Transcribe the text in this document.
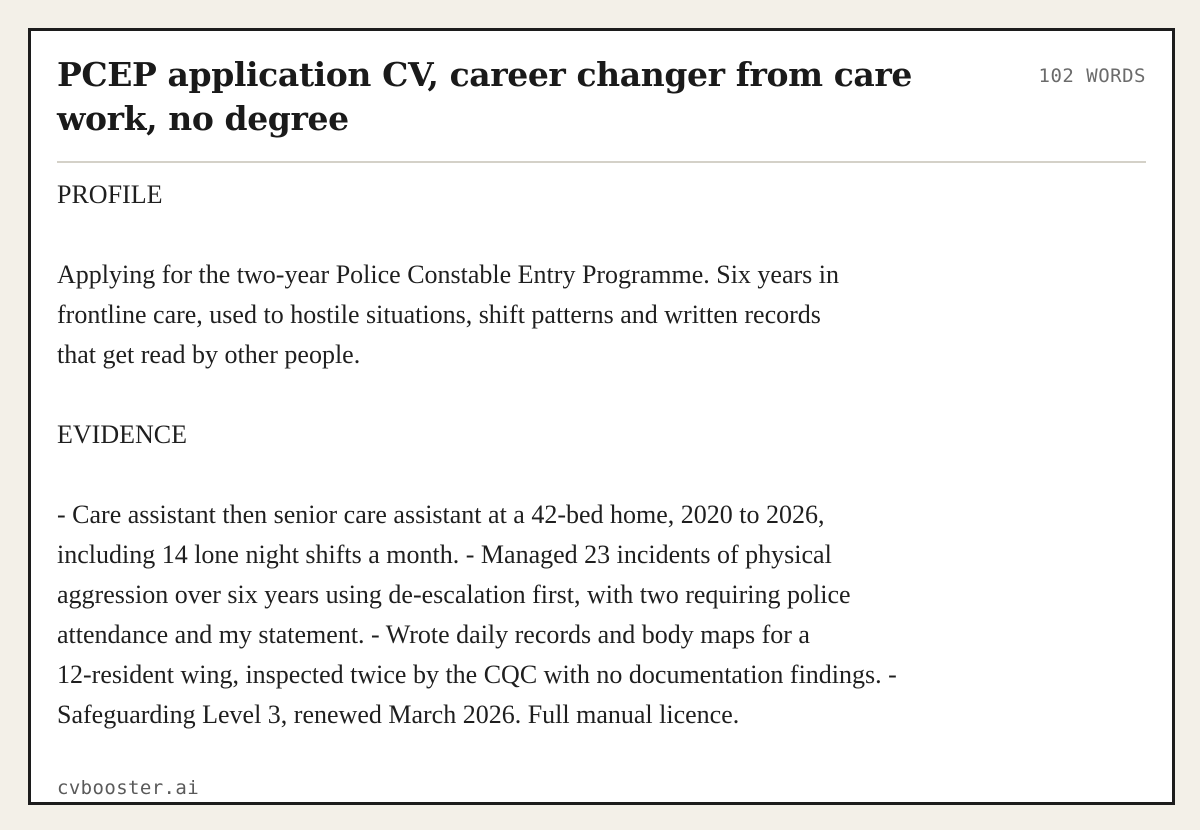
PCEP application CV, career changer from care work, no degree
102 WORDS
PROFILE

Applying for the two-year Police Constable Entry Programme. Six years in
frontline care, used to hostile situations, shift patterns and written records
that get read by other people.

EVIDENCE

- Care assistant then senior care assistant at a 42-bed home, 2020 to 2026,
including 14 lone night shifts a month. - Managed 23 incidents of physical
aggression over six years using de-escalation first, with two requiring police
attendance and my statement. - Wrote daily records and body maps for a
12-resident wing, inspected twice by the CQC with no documentation findings. -
Safeguarding Level 3, renewed March 2026. Full manual licence.
cvbooster.ai
